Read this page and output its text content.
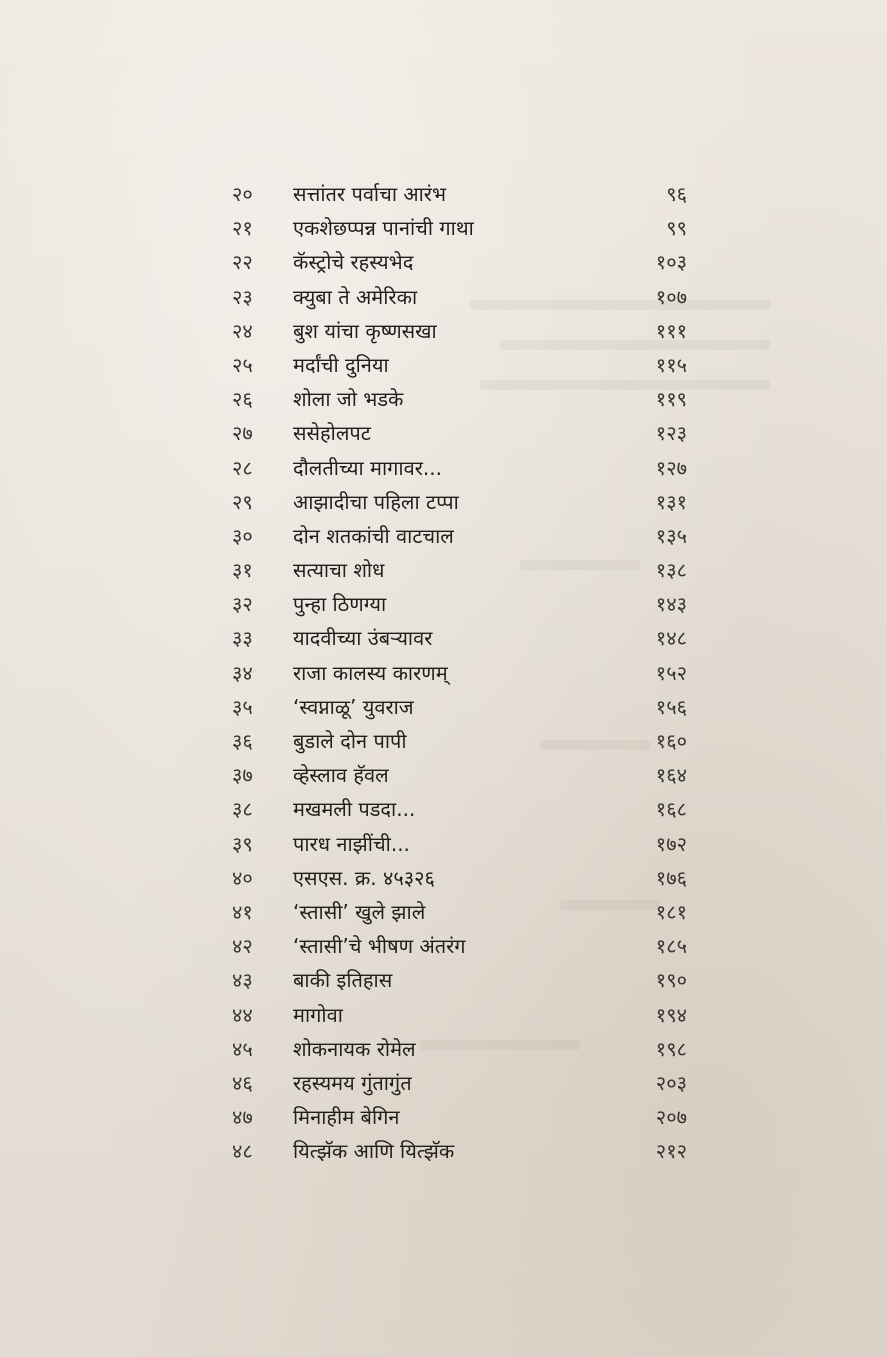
२०	सत्तांतर पर्वाचा आरंभ	९६
२१	एकशेछप्पन्न पानांची गाथा	९९
२२	कॅस्ट्रोचे रहस्यभेद	१०३
२३	क्युबा ते अमेरिका	१०७
२४	बुश यांचा कृष्णसखा	१११
२५	मर्दांची दुनिया	११५
२६	शोला जो भडके	११९
२७	ससेहोलपट	१२३
२८	दौलतीच्या मागावर...	१२७
२९	आझादीचा पहिला टप्पा	१३१
३०	दोन शतकांची वाटचाल	१३५
३१	सत्याचा शोध	१३८
३२	पुन्हा ठिणग्या	१४३
३३	यादवीच्या उंबऱ्यावर	१४८
३४	राजा कालस्य कारणम्	१५२
३५	‘स्वप्नाळू’ युवराज	१५६
३६	बुडाले दोन पापी	१६०
३७	व्हेस्लाव हॅवल	१६४
३८	मखमली पडदा...	१६८
३९	पारध नाझींची...	१७२
४०	एसएस. क्र. ४५३२६	१७६
४१	‘स्तासी’ खुले झाले	१८१
४२	‘स्तासी’चे भीषण अंतरंग	१८५
४३	बाकी इतिहास	१९०
४४	मागोवा	१९४
४५	शोकनायक रोमेल	१९८
४६	रहस्यमय गुंतागुंत	२०३
४७	मिनाहीम बेगिन	२०७
४८	यित्झॅक आणि यित्झॅक	२१२
